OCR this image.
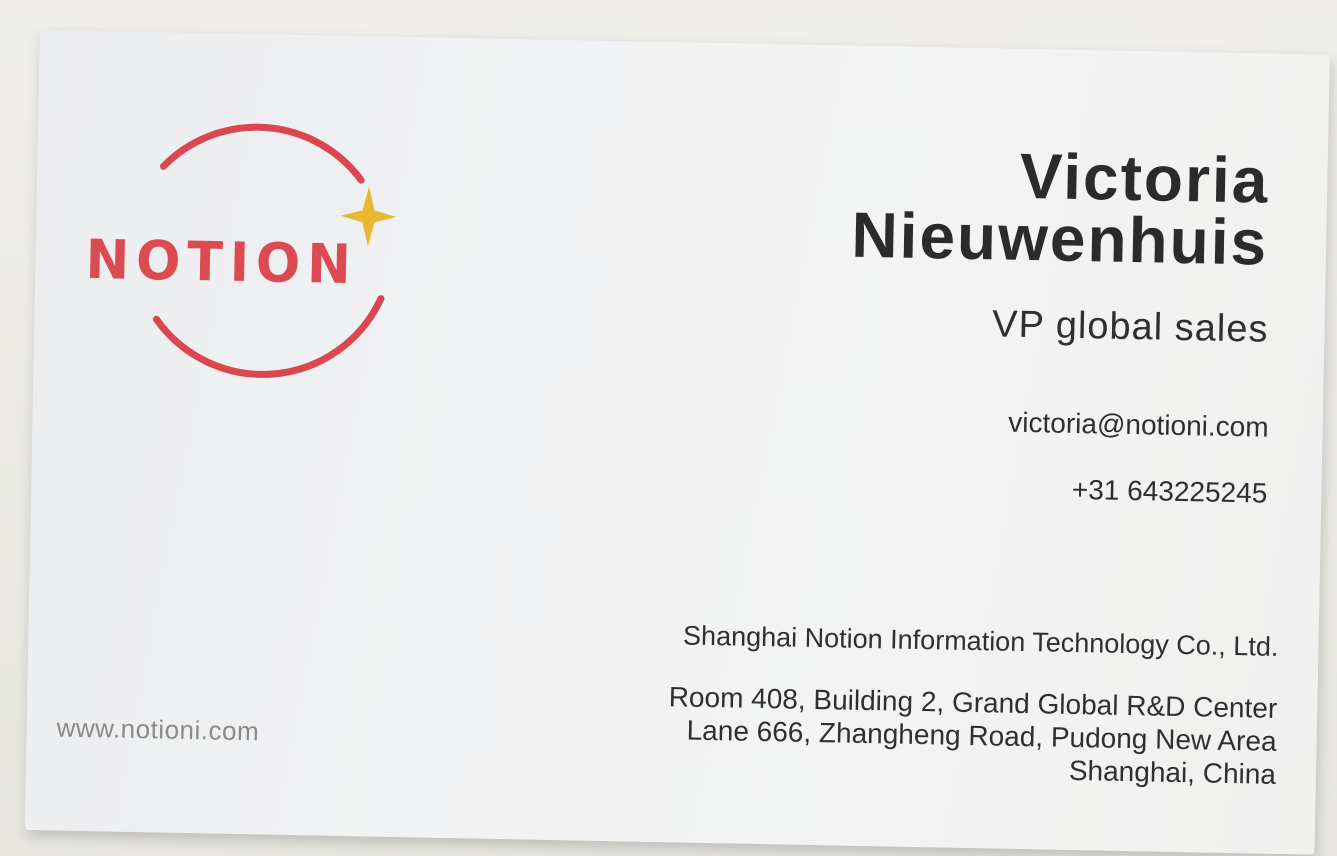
NOTION
Victoria
Nieuwenhuis
VP global sales
victoria@notioni.com
+31 643225245
Shanghai Notion Information Technology Co., Ltd.
Room 408, Building 2, Grand Global R&D Center
Lane 666, Zhangheng Road, Pudong New Area
Shanghai, China
www.notioni.com
